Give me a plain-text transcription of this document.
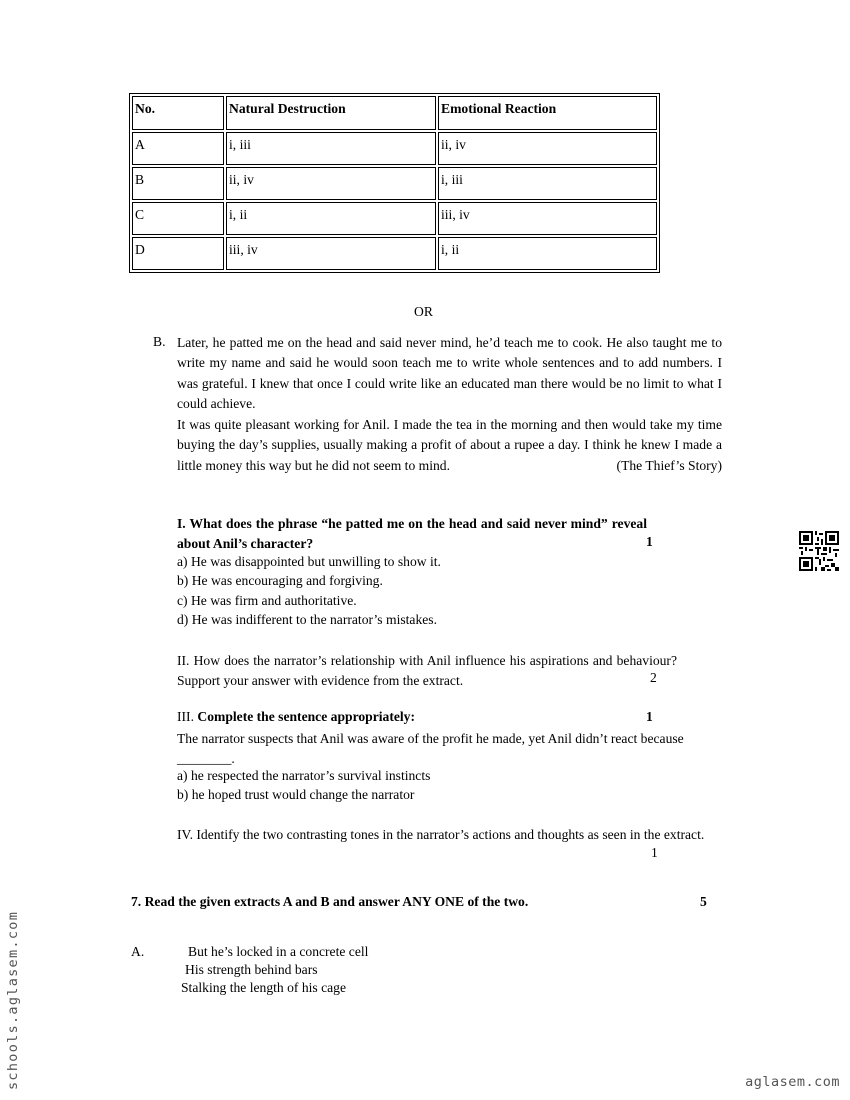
No.	Natural Destruction	Emotional Reaction
A	i, iii	ii, iv
B	ii, iv	i, iii
C	i, ii	iii, iv
D	iii, iv	i, ii
OR
B. Later, he patted me on the head and said never mind, he’d teach me to cook. He also taught me to write my name and said he would soon teach me to write whole sentences and to add numbers. I was grateful. I knew that once I could write like an educated man there would be no limit to what I could achieve.
It was quite pleasant working for Anil. I made the tea in the morning and then would take my time buying the day’s supplies, usually making a profit of about a rupee a day. I think he knew I made a little money this way but he did not seem to mind.	(The Thief’s Story)
I. What does the phrase “he patted me on the head and said never mind” reveal about Anil’s character?	1
a) He was disappointed but unwilling to show it.
b) He was encouraging and forgiving.
c) He was firm and authoritative.
d) He was indifferent to the narrator’s mistakes.
II. How does the narrator’s relationship with Anil influence his aspirations and behaviour? Support your answer with evidence from the extract.	2
III. Complete the sentence appropriately:	1
The narrator suspects that Anil was aware of the profit he made, yet Anil didn’t react because ________.
a) he respected the narrator’s survival instincts
b) he hoped trust would change the narrator
IV. Identify the two contrasting tones in the narrator’s actions and thoughts as seen in the extract.
1
7. Read the given extracts A and B and answer ANY ONE of the two.	5
A.	But he’s locked in a concrete cell
His strength behind bars
Stalking the length of his cage
schools.aglasem.com	aglasem.com
